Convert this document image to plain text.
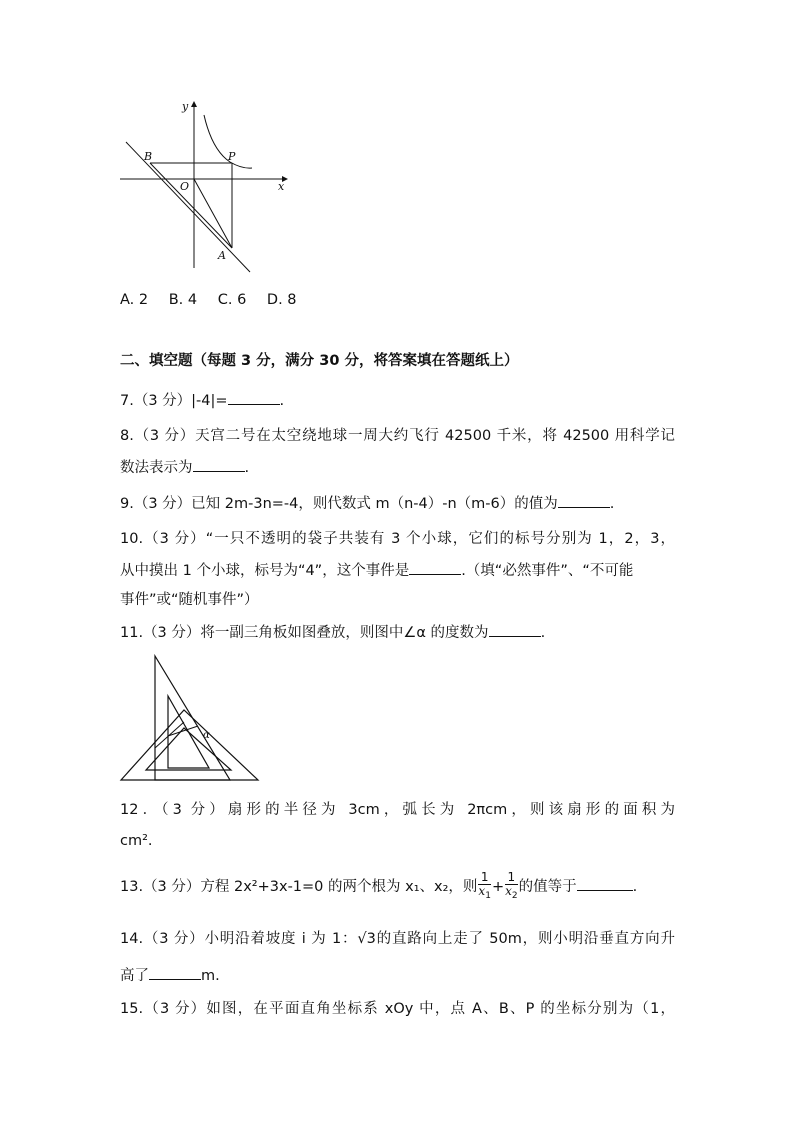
y
x
B	P
O
A
A. 2 B. 4 C. 6 D. 8
二、填空题（每题 3 分，满分 30 分，将答案填在答题纸上）
7.（3 分）|-4|=	.
8.（3 分）天宫二号在太空绕地球一周大约飞行 42500 千米，将 42500 用科学记
数法表示为	.
9.（3 分）已知 2m-3n=-4，则代数式 m（n-4）-n（m-6）的值为	.
10.（3 分）“一只不透明的袋子共装有 3 个小球，它们的标号分别为 1，2，3，
从中摸出 1 个小球，标号为“4”，这个事件是	.（填“必然事件”、“不可能
事件”或“随机事件”）
11.（3 分）将一副三角板如图叠放，则图中∠α 的度数为	.
α
12．（3 分）扇形的半径为 3cm，弧长为 2πcm，则该扇形的面积为
cm².
13.（3 分）方程 2x²+3x-1=0 的两个根为 x₁、x₂，则 $\frac{1}{x_1} + \frac{1}{x_2}$ 的值等于	.
14.（3 分）小明沿着坡度 i 为 1：√3的直路向上走了 50m，则小明沿垂直方向升
高了	m.
15.（3 分）如图，在平面直角坐标系 xOy 中，点 A、B、P 的坐标分别为（1，
